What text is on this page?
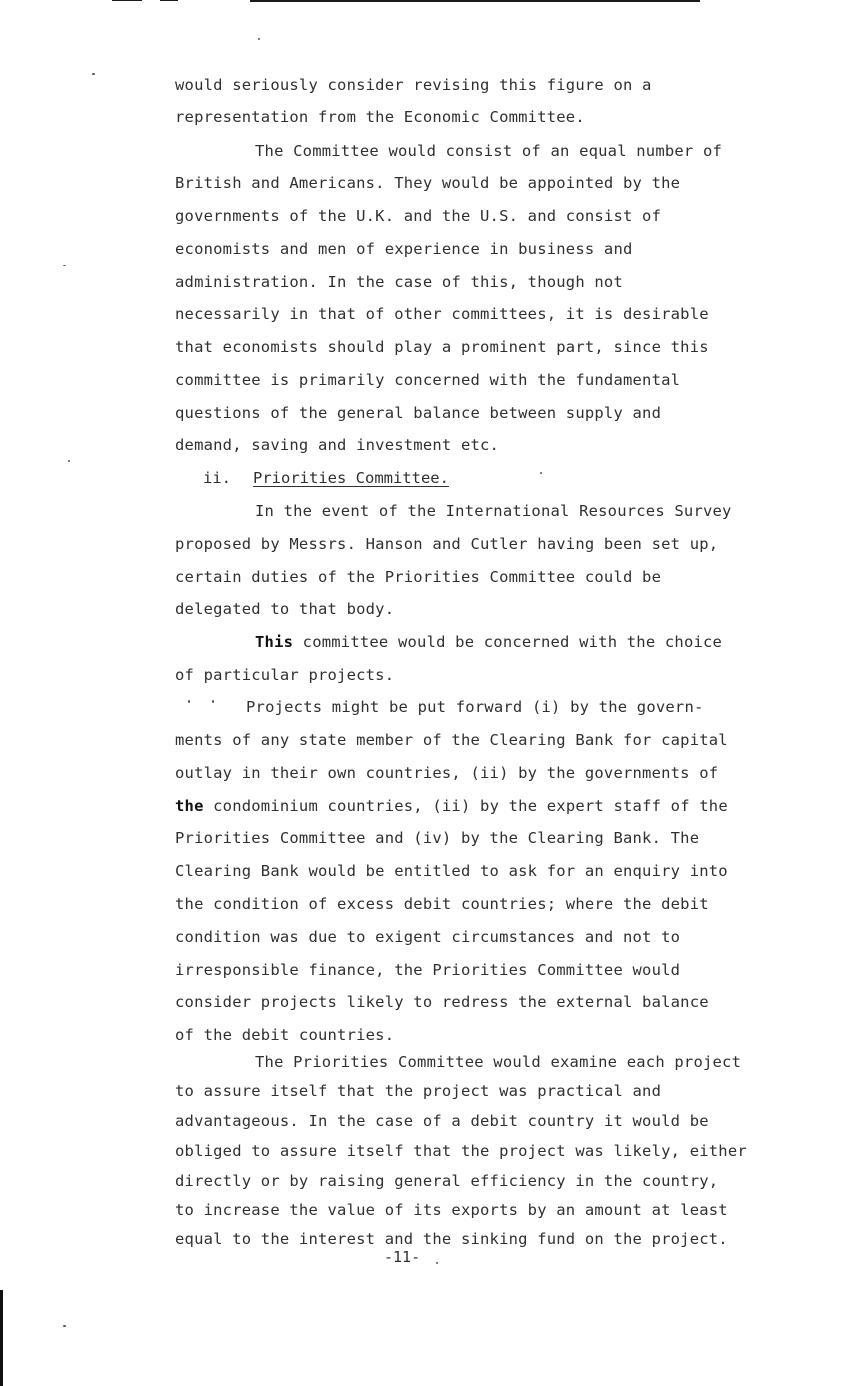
would seriously consider revising this figure on a
representation from the Economic Committee.
The Committee would consist of an equal number of
British and Americans. They would be appointed by the
governments of the U.K. and the U.S. and consist of
economists and men of experience in business and
administration. In the case of this, though not
necessarily in that of other committees, it is desirable
that economists should play a prominent part, since this
committee is primarily concerned with the fundamental
questions of the general balance between supply and
demand, saving and investment etc.
ii. Priorities Committee.
In the event of the International Resources Survey
proposed by Messrs. Hanson and Cutler having been set up,
certain duties of the Priorities Committee could be
delegated to that body.
This committee would be concerned with the choice
of particular projects.
Projects might be put forward (i) by the govern-
ments of any state member of the Clearing Bank for capital
outlay in their own countries, (ii) by the governments of
the condominium countries, (ii) by the expert staff of the
Priorities Committee and (iv) by the Clearing Bank. The
Clearing Bank would be entitled to ask for an enquiry into
the condition of excess debit countries; where the debit
condition was due to exigent circumstances and not to
irresponsible finance, the Priorities Committee would
consider projects likely to redress the external balance
of the debit countries.
The Priorities Committee would examine each project
to assure itself that the project was practical and
advantageous. In the case of a debit country it would be
obliged to assure itself that the project was likely, either
directly or by raising general efficiency in the country,
to increase the value of its exports by an amount at least
equal to the interest and the sinking fund on the project.
-11-
